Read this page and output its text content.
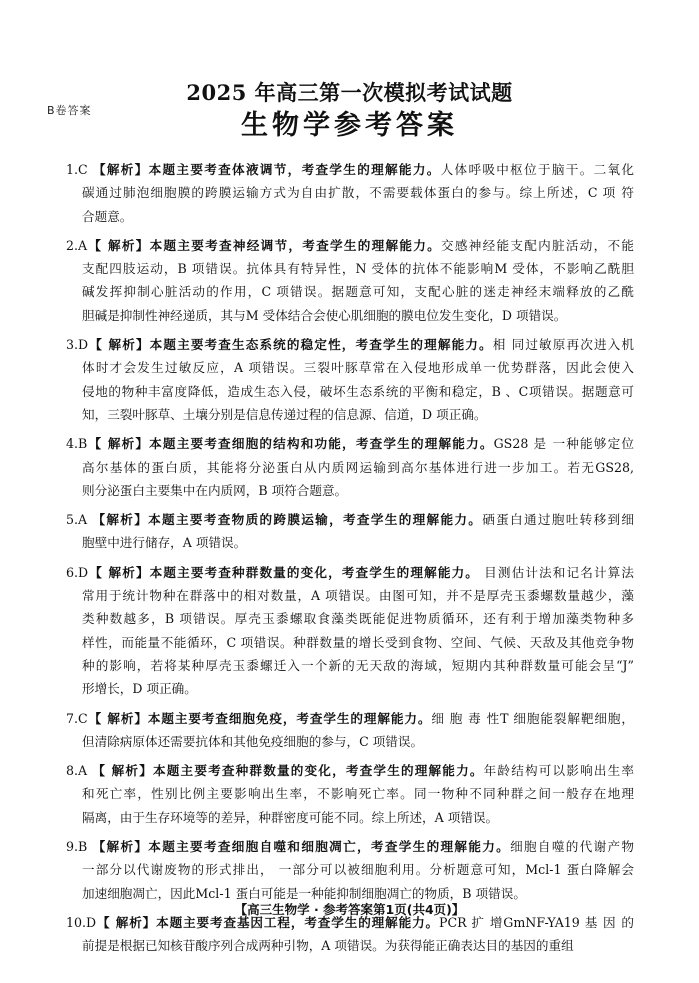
B卷答案
2025 年高三第一次模拟考试试题
生物学参考答案
1.C 【解析】本题主要考查体液调节，考查学生的理解能力。人体呼吸中枢位于脑干。二氧化
碳通过肺泡细胞膜的跨膜运输方式为自由扩散，不需要载体蛋白的参与。综上所述，C 项 符
合题意。
2.A【 解析】本题主要考查神经调节，考查学生的理解能力。交感神经能支配内脏活动，不能
支配四肢运动，B 项错误。抗体具有特异性，N 受体的抗体不能影响M 受体，不影响乙酰胆
碱发挥抑制心脏活动的作用，C 项错误。据题意可知，支配心脏的迷走神经末端释放的乙酰
胆碱是抑制性神经递质，其与M 受体结合会使心肌细胞的膜电位发生变化，D 项错误。
3.D【 解析】本题主要考查生态系统的稳定性，考查学生的理解能力。相 同过敏原再次进入机
体时才会发生过敏反应，A 项错误。三裂叶豚草常在入侵地形成单一优势群落，因此会使入
侵地的物种丰富度降低，造成生态入侵，破坏生态系统的平衡和稳定，B 、C项错误。据题意可
知，三裂叶豚草、土壤分别是信息传递过程的信息源、信道，D 项正确。
4.B【 解析】本题主要考查细胞的结构和功能，考查学生的理解能力。GS28 是 一种能够定位
高尔基体的蛋白质，其能将分泌蛋白从内质网运输到高尔基体进行进一步加工。若无GS28,
则分泌蛋白主要集中在内质网，B 项符合题意。
5.A 【解析】本题主要考查物质的跨膜运输，考查学生的理解能力。硒蛋白通过胞吐转移到细
胞壁中进行储存，A 项错误。
6.D【 解析】本题主要考查种群数量的变化，考查学生的理解能力。 目测估计法和记名计算法
常用于统计物种在群落中的相对数量，A 项错误。由图可知，并不是厚壳玉黍螺数量越少，藻
类种数越多，B 项错误。厚壳玉黍螺取食藻类既能促进物质循环，还有利于增加藻类物种多
样性，而能量不能循环，C 项错误。种群数量的增长受到食物、空间、气候、天敌及其他竞争物
种的影响，若将某种厚壳玉黍螺迁入一个新的无天敌的海域，短期内其种群数量可能会呈“J”
形增长，D 项正确。
7.C【 解析】本题主要考查细胞免疫，考查学生的理解能力。细 胞 毒 性T 细胞能裂解靶细胞，
但清除病原体还需要抗体和其他免疫细胞的参与，C 项错误。
8.A 【 解析】本题主要考查种群数量的变化，考查学生的理解能力。年龄结构可以影响出生率
和死亡率，性别比例主要影响出生率，不影响死亡率。同一物种不同种群之间一般存在地理
隔离，由于生存环境等的差异，种群密度可能不同。综上所述，A 项错误。
9.B 【解析】本题主要考查细胞自噬和细胞凋亡，考查学生的理解能力。细胞自噬的代谢产物
一部分以代谢废物的形式排出， 一部分可以被细胞利用。分析题意可知，Mcl-1 蛋白降解会
加速细胞凋亡，因此Mcl-1 蛋白可能是一种能抑制细胞凋亡的物质，B 项错误。
10.D【 解析】本题主要考查基因工程，考查学生的理解能力。PCR 扩 增GmNF-YA19 基 因 的
前提是根据已知核苷酸序列合成两种引物，A 项错误。为获得能正确表达目的基因的重组
【高三生物学 · 参考答案第1页(共4页)】
